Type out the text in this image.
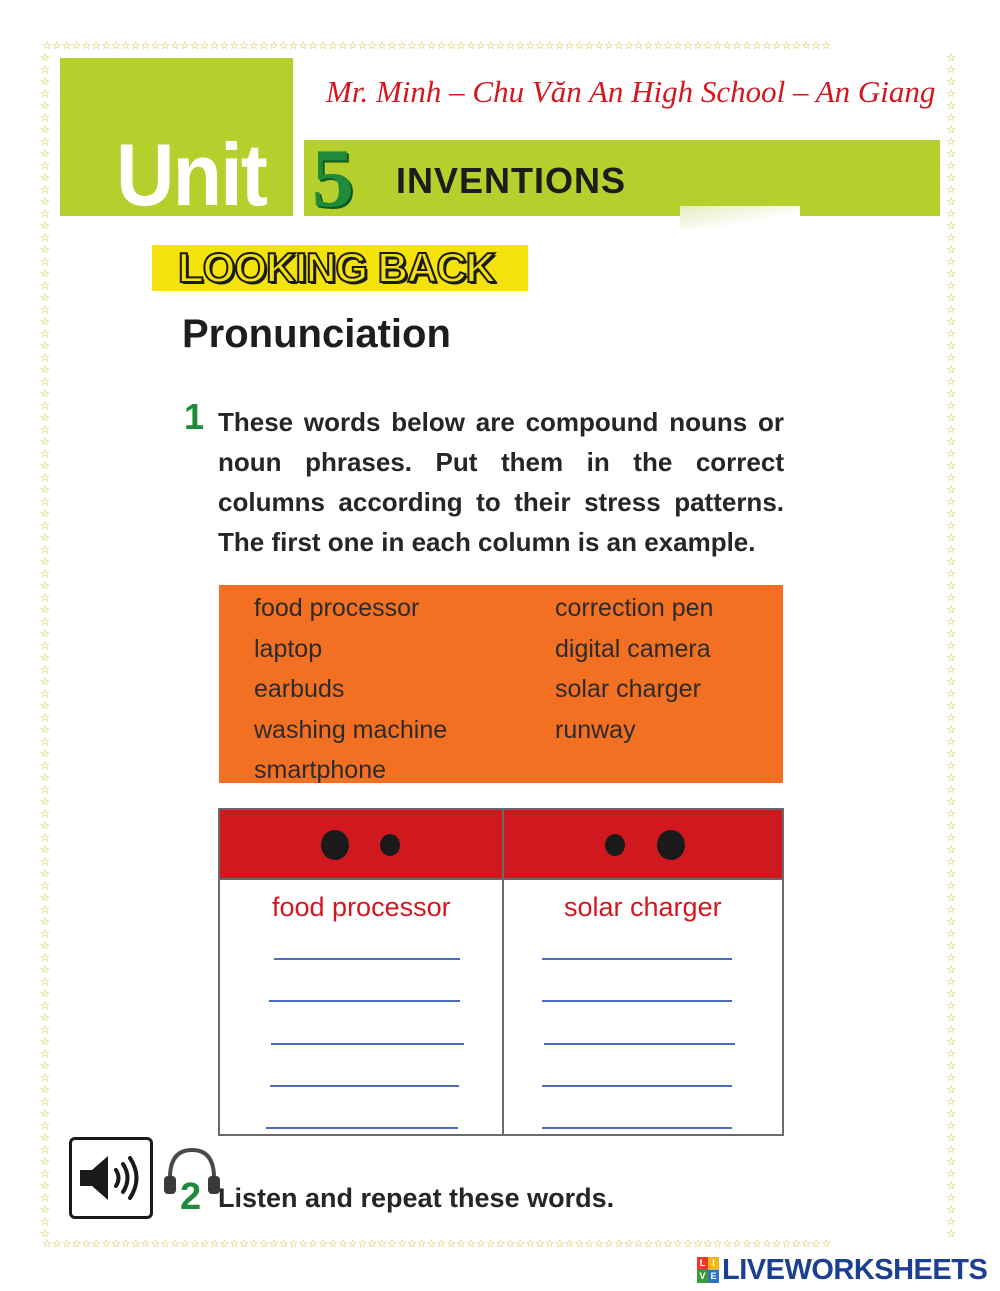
☆☆☆☆☆☆☆☆☆☆☆☆☆☆☆☆☆☆☆☆☆☆☆☆☆☆☆☆☆☆☆☆☆☆☆☆☆☆☆☆☆☆☆☆☆☆☆☆☆☆☆☆☆☆☆☆☆☆☆☆☆☆☆☆☆☆☆☆☆☆☆☆☆☆☆☆☆☆☆☆
☆☆☆☆☆☆☆☆☆☆☆☆☆☆☆☆☆☆☆☆☆☆☆☆☆☆☆☆☆☆☆☆☆☆☆☆☆☆☆☆☆☆☆☆☆☆☆☆☆☆☆☆☆☆☆☆☆☆☆☆☆☆☆☆☆☆☆☆☆☆☆☆☆☆☆☆☆☆☆☆
☆☆☆☆☆☆☆☆☆☆☆☆☆☆☆☆☆☆☆☆☆☆☆☆☆☆☆☆☆☆☆☆☆☆☆☆☆☆☆☆☆☆☆☆☆☆☆☆☆☆☆☆☆☆☆☆☆☆☆☆☆☆☆☆☆☆☆☆☆☆☆☆☆☆☆☆☆☆☆☆☆☆☆☆☆☆☆☆☆☆☆☆☆☆☆☆☆☆☆
☆☆☆☆☆☆☆☆☆☆☆☆☆☆☆☆☆☆☆☆☆☆☆☆☆☆☆☆☆☆☆☆☆☆☆☆☆☆☆☆☆☆☆☆☆☆☆☆☆☆☆☆☆☆☆☆☆☆☆☆☆☆☆☆☆☆☆☆☆☆☆☆☆☆☆☆☆☆☆☆☆☆☆☆☆☆☆☆☆☆☆☆☆☆☆☆☆☆☆
Unit 5 INVENTIONS
Mr. Minh – Chu Văn An High School – An Giang
LOOKING BACK
Pronunciation
1 These words below are compound nouns or noun phrases. Put them in the correct columns according to their stress patterns. The first one in each column is an example.
food processor
laptop
earbuds
washing machine
smartphone
correction pen
digital camera
solar charger
runway
food processor	solar charger
2 Listen and repeat these words.
L I
V E LIVEWORKSHEETS
